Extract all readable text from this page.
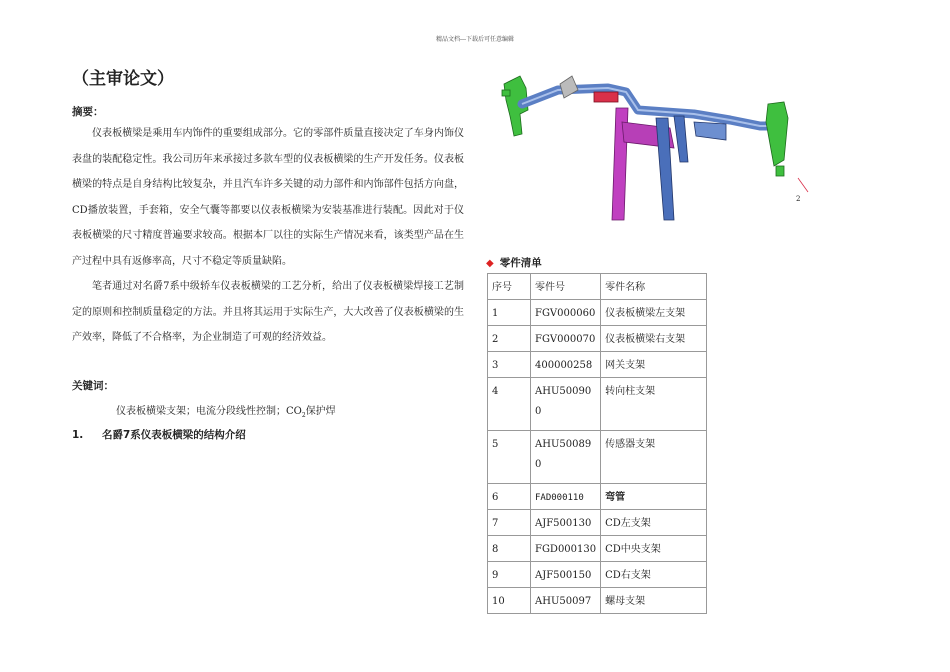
精品文档---下载后可任意编辑
（主审论文）
摘要：

仪表板横梁是乘用车内饰件的重要组成部分。它的零部件质量直接决定了车身内饰仪表盘的装配稳定性。我公司历年来承接过多款车型的仪表板横梁的生产开发任务。仪表板横梁的特点是自身结构比较复杂，并且汽车许多关键的动力部件和内饰部件包括方向盘，CD播放装置，手套箱，安全气囊等都要以仪表板横梁为安装基准进行装配。因此对于仪表板横梁的尺寸精度普遍要求较高。根据本厂以往的实际生产情况来看，该类型产品在生产过程中具有返修率高，尺寸不稳定等质量缺陷。

笔者通过对名爵7系中级轿车仪表板横梁的工艺分析，给出了仪表板横梁焊接工艺制定的原则和控制质量稳定的方法。并且将其运用于实际生产，大大改善了仪表板横梁的生产效率，降低了不合格率，为企业制造了可观的经济效益。

关键词：
仪表板横梁支架；电流分段线性控制；$CO_2$保护焊
1. 名爵7系仪表板横梁的结构介绍
2
◆ 零件清单
序号	零件号	零件名称
1	FGV000060	仪表板横梁左支架
2	FGV000070	仪表板横梁右支架
3	400000258	网关支架
4	AHU50090 0	转向柱支架
5	AHU50089 0	传感器支架
6	FAD000110	弯管
7	AJF500130	CD左支架
8	FGD000130	CD中央支架
9	AJF500150	CD右支架
10	AHU50097	螺母支架
